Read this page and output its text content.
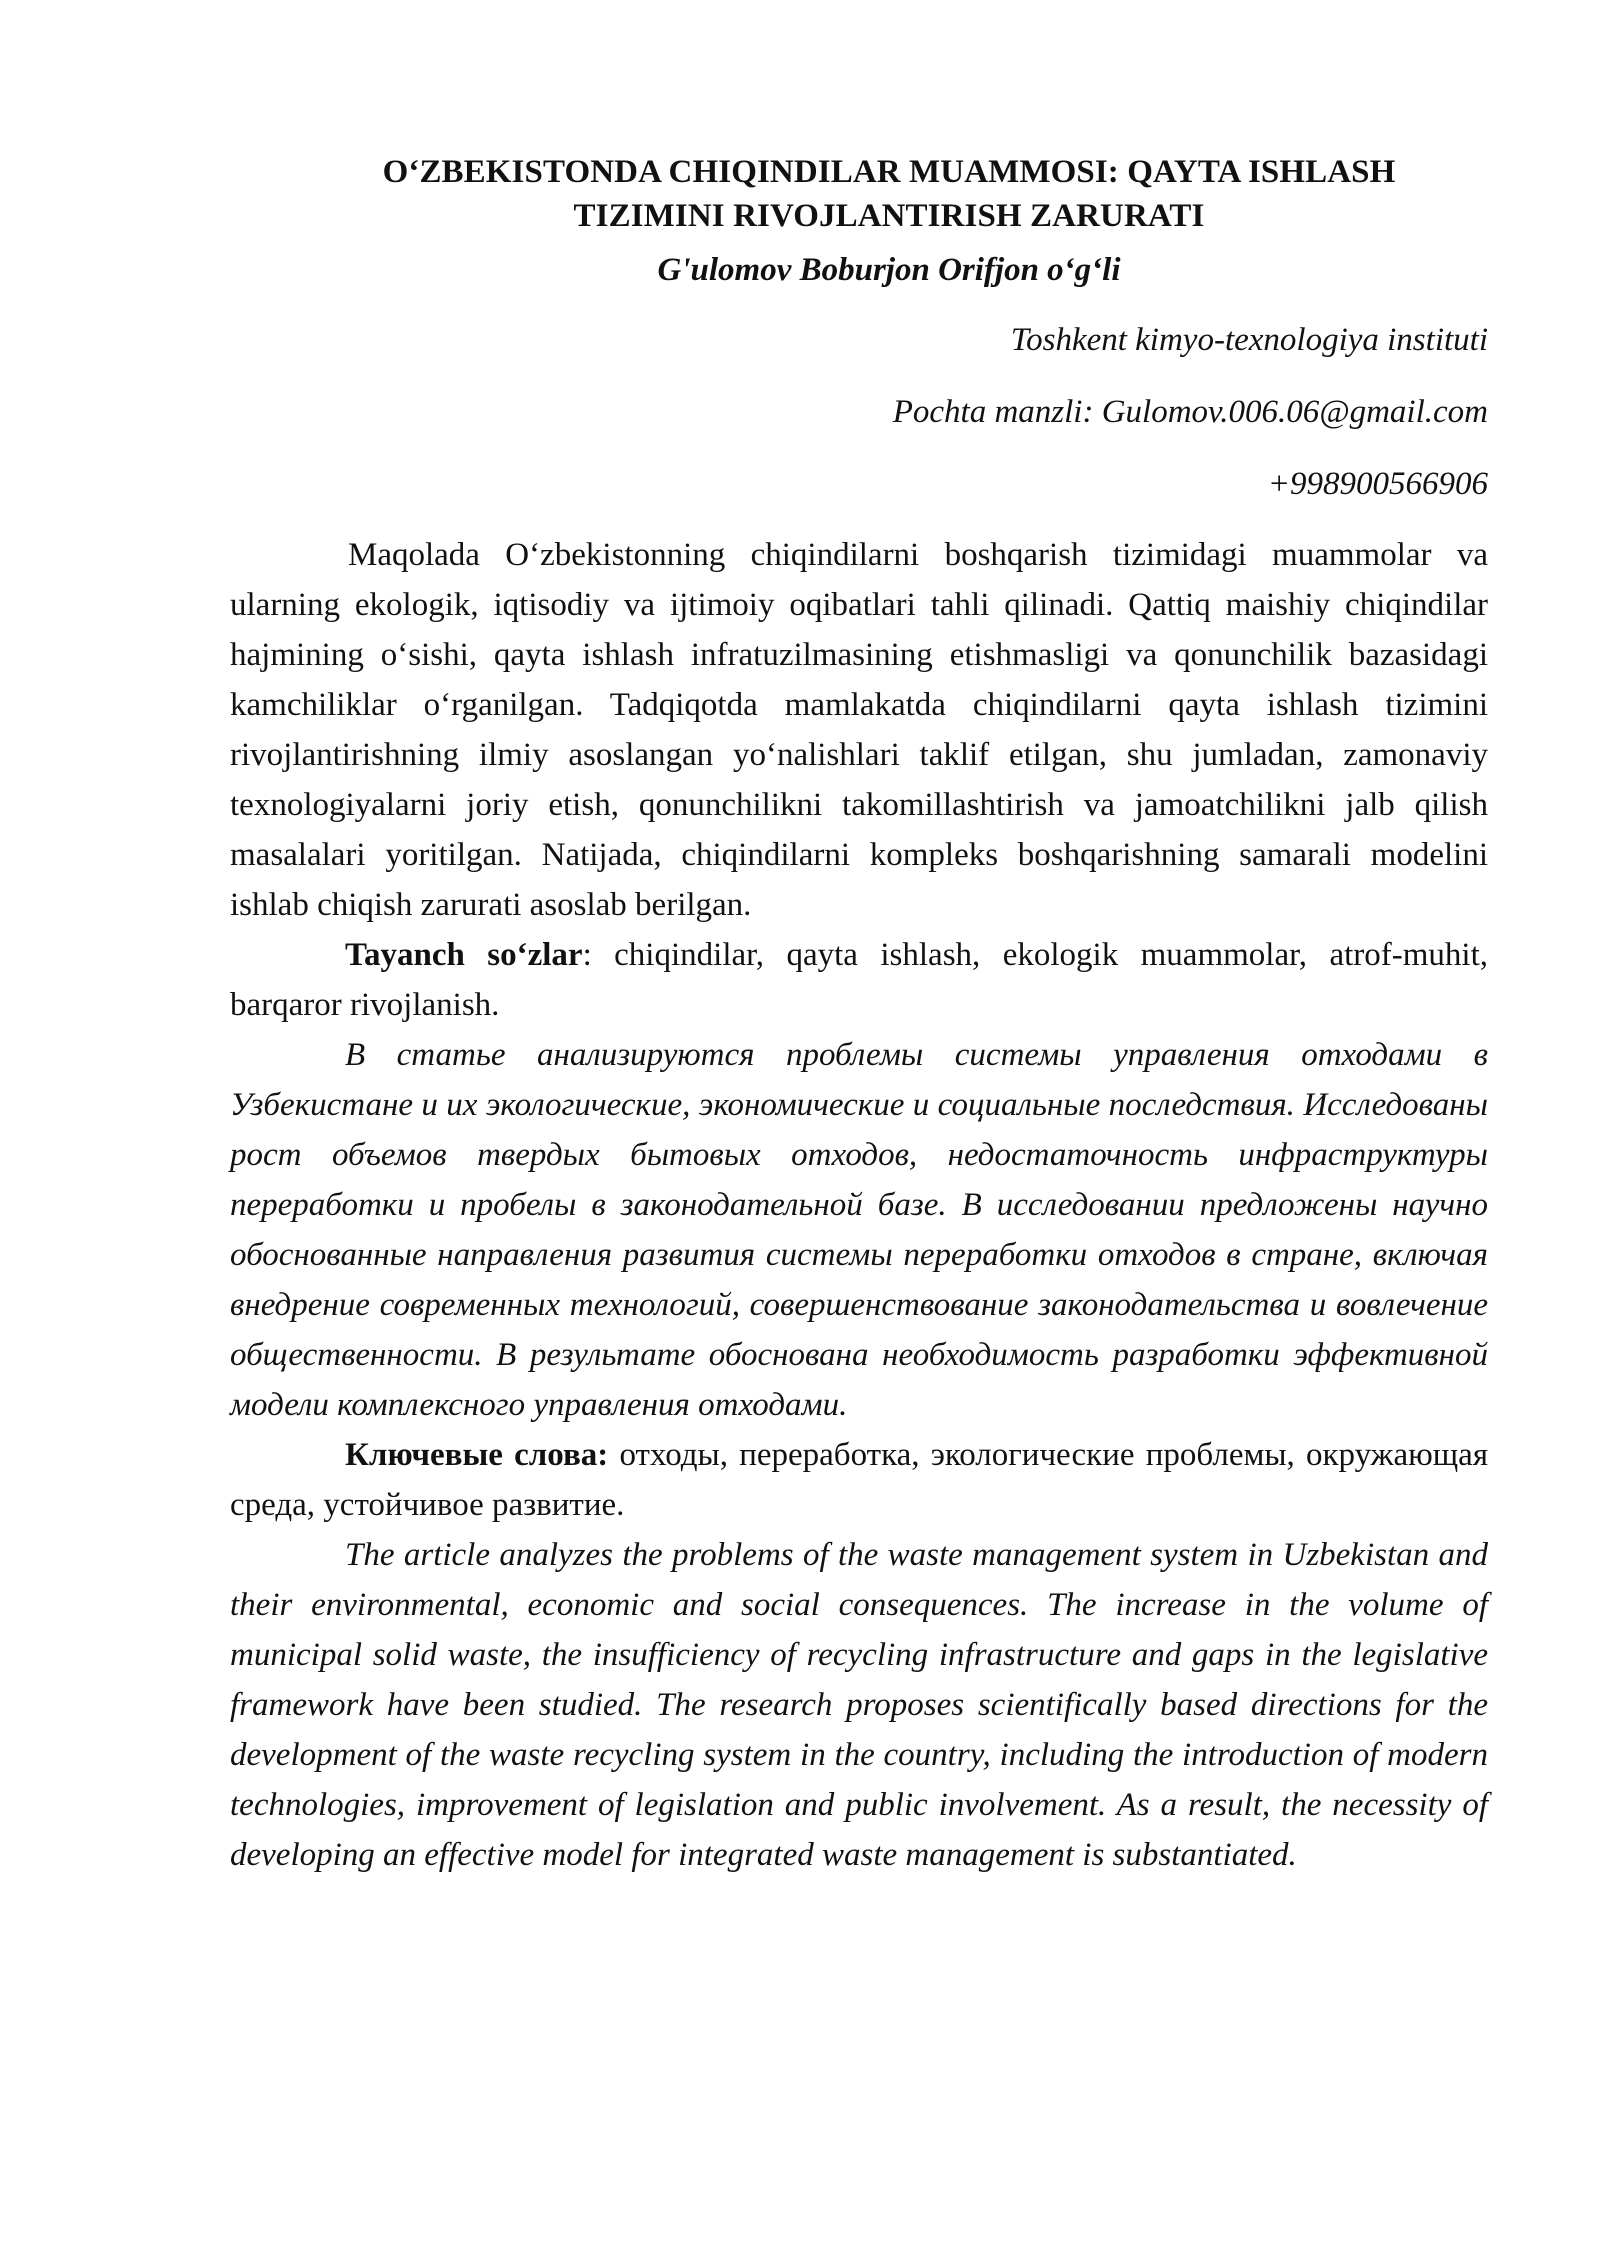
O‘ZBEKISTONDA CHIQINDILAR MUAMMOSI: QAYTA ISHLASH
TIZIMINI RIVOJLANTIRISH ZARURATI

G'ulomov Boburjon Orifjon o‘g‘li

Toshkent kimyo-texnologiya instituti

Pochta manzli: Gulomov.006.06@gmail.com

+998900566906

Maqolada O‘zbekistonning chiqindilarni boshqarish tizimidagi muammolar va ularning ekologik, iqtisodiy va ijtimoiy oqibatlari tahli qilinadi. Qattiq maishiy chiqindilar hajmining o‘sishi, qayta ishlash infratuzilmasining etishmasligi va qonunchilik bazasidagi kamchiliklar o‘rganilgan. Tadqiqotda mamlakatda chiqindilarni qayta ishlash tizimini rivojlantirishning ilmiy asoslangan yo‘nalishlari taklif etilgan, shu jumladan, zamonaviy texnologiyalarni joriy etish, qonunchilikni takomillashtirish va jamoatchilikni jalb qilish masalalari yoritilgan. Natijada, chiqindilarni kompleks boshqarishning samarali modelini ishlab chiqish zarurati asoslab berilgan.

Tayanch so‘zlar: chiqindilar, qayta ishlash, ekologik muammolar, atrof-muhit, barqaror rivojlanish.

В статье анализируются проблемы системы управления отходами в Узбекистане и их экологические, экономические и социальные последствия. Исследованы рост объемов твердых бытовых отходов, недостаточность инфраструктуры переработки и пробелы в законодательной базе. В исследовании предложены научно обоснованные направления развития системы переработки отходов в стране, включая внедрение современных технологий, совершенствование законодательства и вовлечение общественности. В результате обоснована необходимость разработки эффективной модели комплексного управления отходами.

Ключевые слова: отходы, переработка, экологические проблемы, окружающая среда, устойчивое развитие.

The article analyzes the problems of the waste management system in Uzbekistan and their environmental, economic and social consequences. The increase in the volume of municipal solid waste, the insufficiency of recycling infrastructure and gaps in the legislative framework have been studied. The research proposes scientifically based directions for the development of the waste recycling system in the country, including the introduction of modern technologies, improvement of legislation and public involvement. As a result, the necessity of developing an effective model for integrated waste management is substantiated.
